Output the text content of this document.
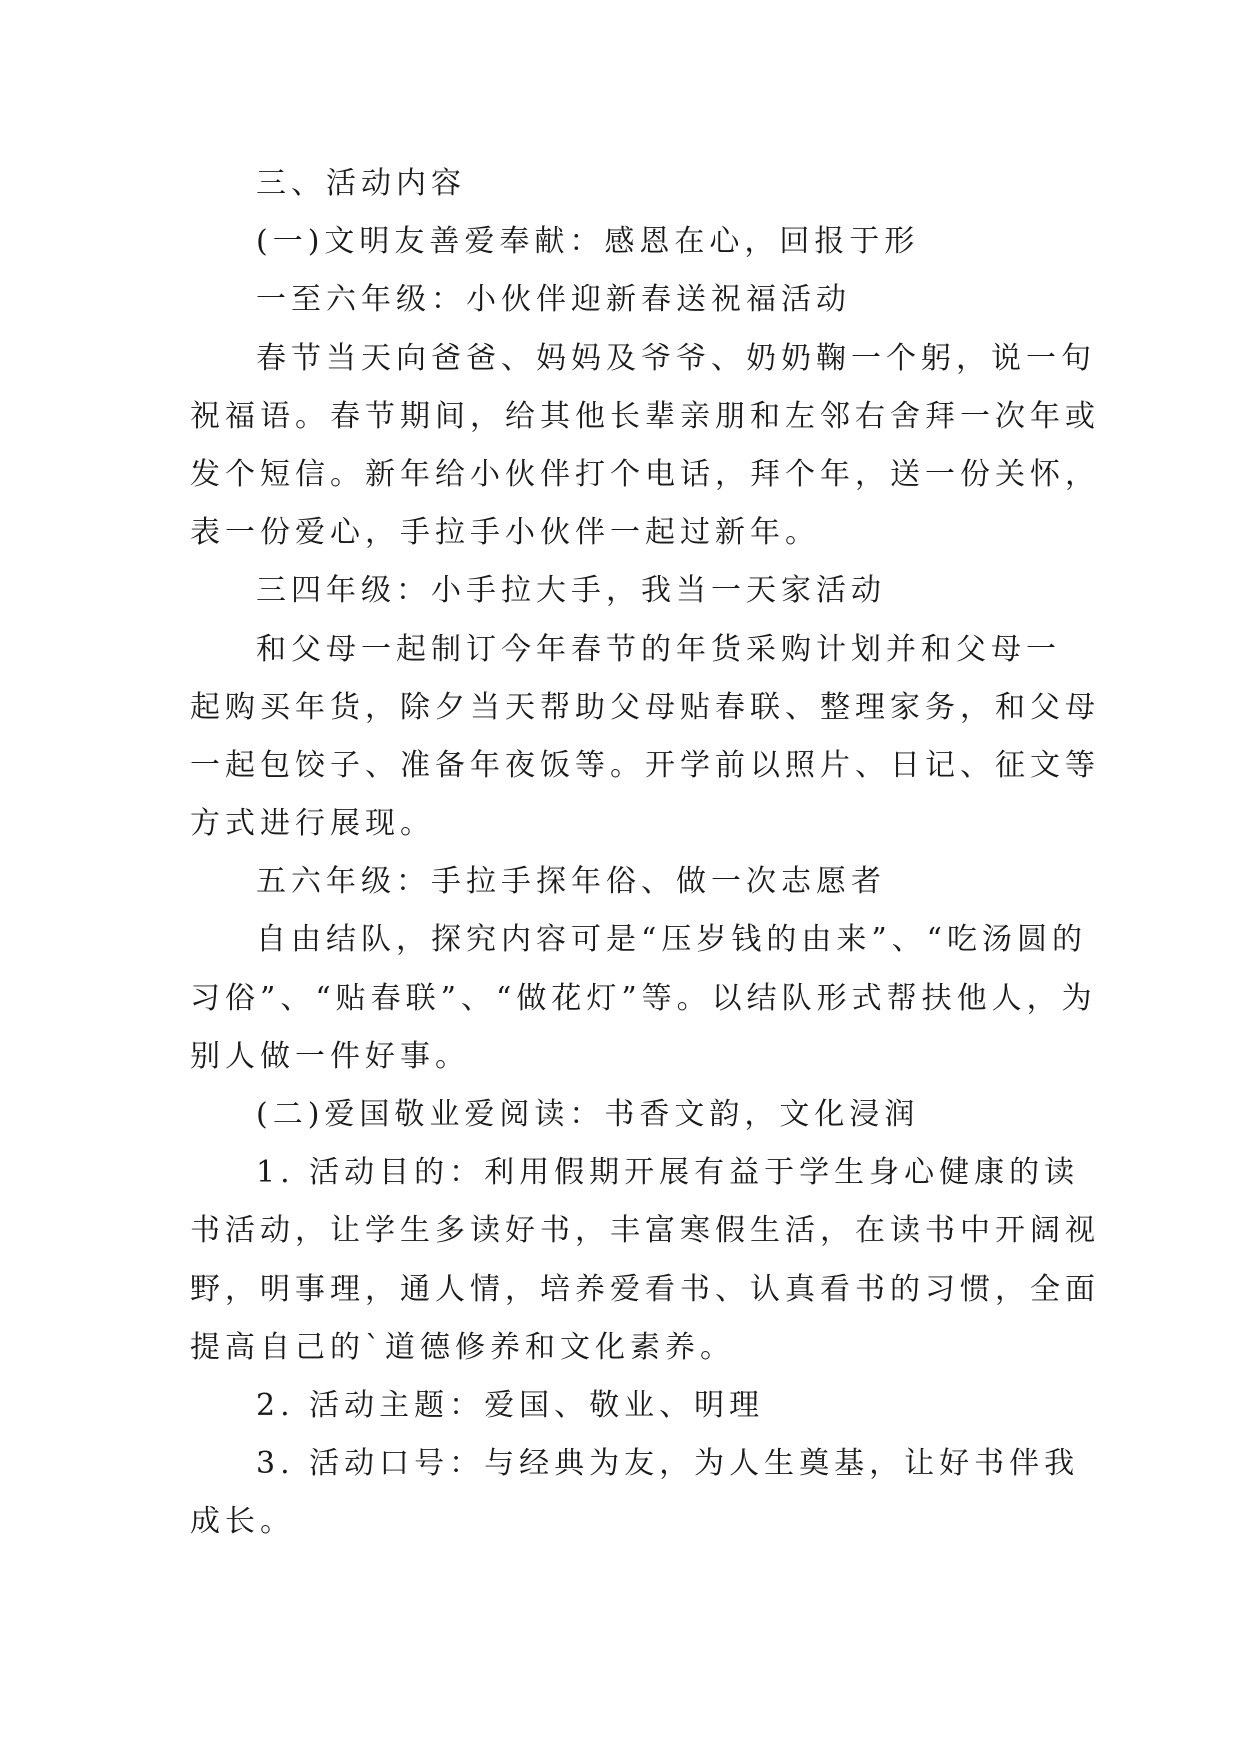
三、活动内容
(一)文明友善爱奉献：感恩在心，回报于形
一至六年级：小伙伴迎新春送祝福活动
春节当天向爸爸、妈妈及爷爷、奶奶鞠一个躬，说一句
祝福语。春节期间，给其他长辈亲朋和左邻右舍拜一次年或
发个短信。新年给小伙伴打个电话，拜个年，送一份关怀，
表一份爱心，手拉手小伙伴一起过新年。
三四年级：小手拉大手，我当一天家活动
和父母一起制订今年春节的年货采购计划并和父母一
起购买年货，除夕当天帮助父母贴春联、整理家务，和父母
一起包饺子、准备年夜饭等。开学前以照片、日记、征文等
方式进行展现。
五六年级：手拉手探年俗、做一次志愿者
自由结队，探究内容可是“压岁钱的由来”、“吃汤圆的
习俗”、“贴春联”、“做花灯”等。以结队形式帮扶他人，为
别人做一件好事。
(二)爱国敬业爱阅读：书香文韵，文化浸润
1. 活动目的：利用假期开展有益于学生身心健康的读
书活动，让学生多读好书，丰富寒假生活，在读书中开阔视
野，明事理，通人情，培养爱看书、认真看书的习惯，全面
提高自己的`道德修养和文化素养。
2. 活动主题：爱国、敬业、明理
3. 活动口号：与经典为友，为人生奠基，让好书伴我
成长。
